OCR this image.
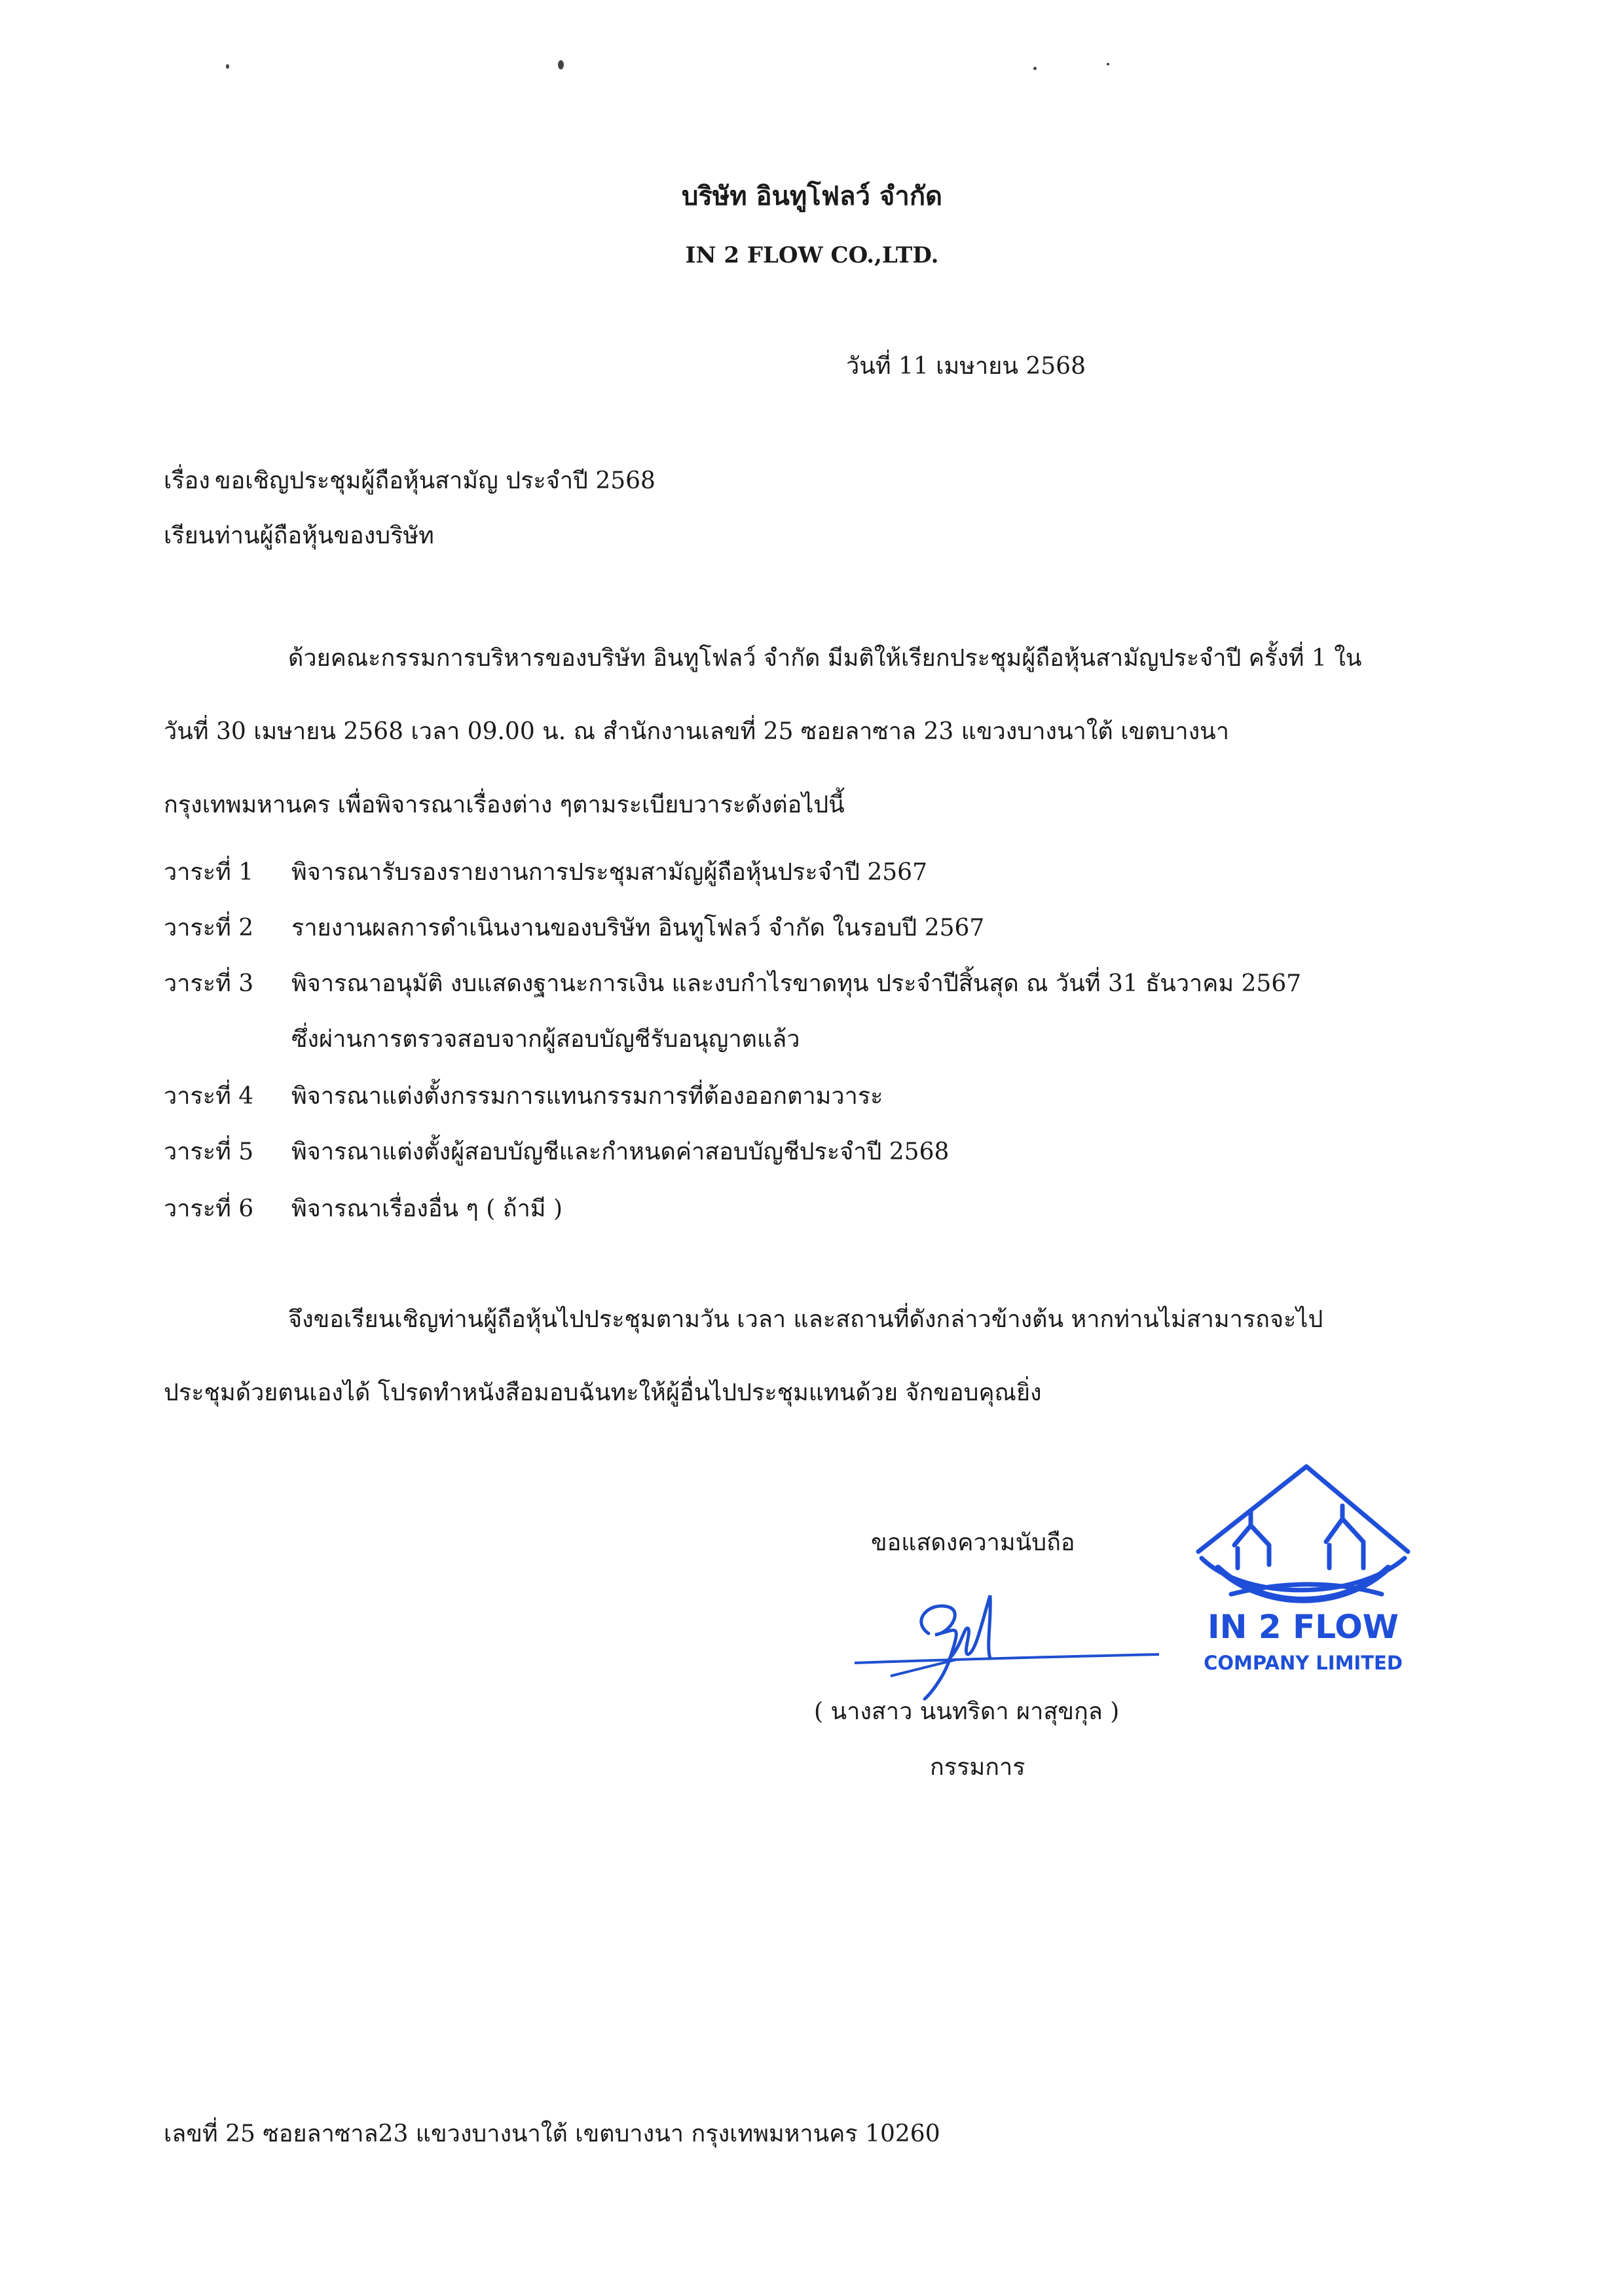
บริษัท อินทูโฟลว์ จำกัด
IN 2 FLOW CO.,LTD.
วันที่ 11 เมษายน 2568
เรื่อง ขอเชิญประชุมผู้ถือหุ้นสามัญ ประจำปี 2568
เรียน ท่านผู้ถือหุ้นของบริษัท
ด้วยคณะกรรมการบริหารของบริษัท อินทูโฟลว์ จำกัด มีมติให้เรียกประชุมผู้ถือหุ้นสามัญประจำปี ครั้งที่ 1 ในวันที่ 30 เมษายน 2568 เวลา 09.00 น. ณ สำนักงานเลขที่ 25 ซอยลาซาล 23 แขวงบางนาใต้ เขตบางนา กรุงเทพมหานคร เพื่อพิจารณาเรื่องต่าง ๆตามระเบียบวาระดังต่อไปนี้
วาระที่ 1 พิจารณารับรองรายงานการประชุมสามัญผู้ถือหุ้นประจำปี 2567
วาระที่ 2 รายงานผลการดำเนินงานของบริษัท อินทูโฟลว์ จำกัด ในรอบปี 2567
วาระที่ 3 พิจารณาอนุมัติ งบแสดงฐานะการเงิน และงบกำไรขาดทุน ประจำปีสิ้นสุด ณ วันที่ 31 ธันวาคม 2567
ซึ่งผ่านการตรวจสอบจากผู้สอบบัญชีรับอนุญาตแล้ว
วาระที่ 4 พิจารณาแต่งตั้งกรรมการแทนกรรมการที่ต้องออกตามวาระ
วาระที่ 5 พิจารณาแต่งตั้งผู้สอบบัญชีและกำหนดค่าสอบบัญชีประจำปี 2568
วาระที่ 6 พิจารณาเรื่องอื่น ๆ ( ถ้ามี )
จึงขอเรียนเชิญท่านผู้ถือหุ้นไปประชุมตามวัน เวลา และสถานที่ดังกล่าวข้างต้น หากท่านไม่สามารถจะไป ประชุมด้วยตนเองได้ โปรดทำหนังสือมอบฉันทะให้ผู้อื่นไปประชุมแทนด้วย จักขอบคุณยิ่ง
ขอแสดงความนับถือ
( นางสาว นนทริดา ผาสุขกุล )
กรรมการ
IN 2 FLOW
COMPANY LIMITED
เลขที่ 25 ซอยลาซาล23 แขวงบางนาใต้ เขตบางนา กรุงเทพมหานคร 10260
